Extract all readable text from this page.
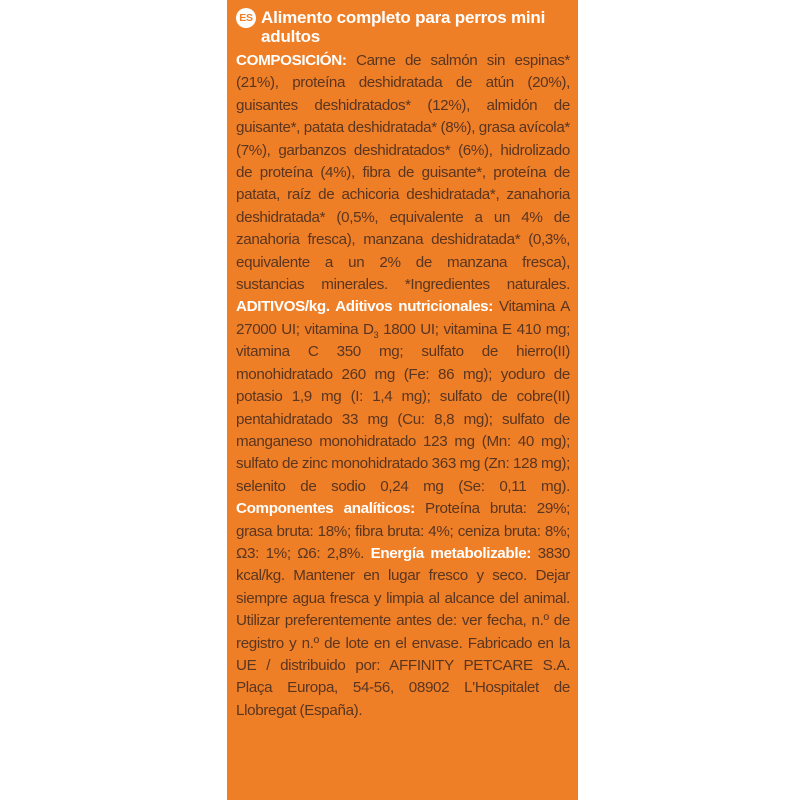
ES Alimento completo para perros mini adultos
COMPOSICIÓN: Carne de salmón sin espinas* (21%), proteína deshidratada de atún (20%), guisantes deshidratados* (12%), almidón de guisante*, patata deshidratada* (8%), grasa avícola* (7%), garbanzos deshidratados* (6%), hidrolizado de proteína (4%), fibra de guisante*, proteína de patata, raíz de achicoria deshidratada*, zanahoria deshidratada* (0,5%, equivalente a un 4% de zanahoria fresca), manzana deshidratada* (0,3%, equivalente a un 2% de manzana fresca), sustancias minerales. *Ingredientes naturales. ADITIVOS/kg. Aditivos nutricionales: Vitamina A 27000 UI; vitamina $D_3$ 1800 UI; vitamina E 410 mg; vitamina C 350 mg; sulfato de hierro(II) monohidratado 260 mg (Fe: 86 mg); yoduro de potasio 1,9 mg (I: 1,4 mg); sulfato de cobre(II) pentahidratado 33 mg (Cu: 8,8 mg); sulfato de manganeso monohidratado 123 mg (Mn: 40 mg); sulfato de zinc monohidratado 363 mg (Zn: 128 mg); selenito de sodio 0,24 mg (Se: 0,11 mg). Componentes analíticos: Proteína bruta: 29%; grasa bruta: 18%; fibra bruta: 4%; ceniza bruta: 8%; Ω3: 1%; Ω6: 2,8%. Energía metabolizable: 3830 kcal/kg. Mantener en lugar fresco y seco. Dejar siempre agua fresca y limpia al alcance del animal. Utilizar preferentemente antes de: ver fecha, n.º de registro y n.º de lote en el envase. Fabricado en la UE / distribuido por: AFFINITY PETCARE S.A. Plaça Europa, 54-56, 08902 L'Hospitalet de Llobregat (España).
